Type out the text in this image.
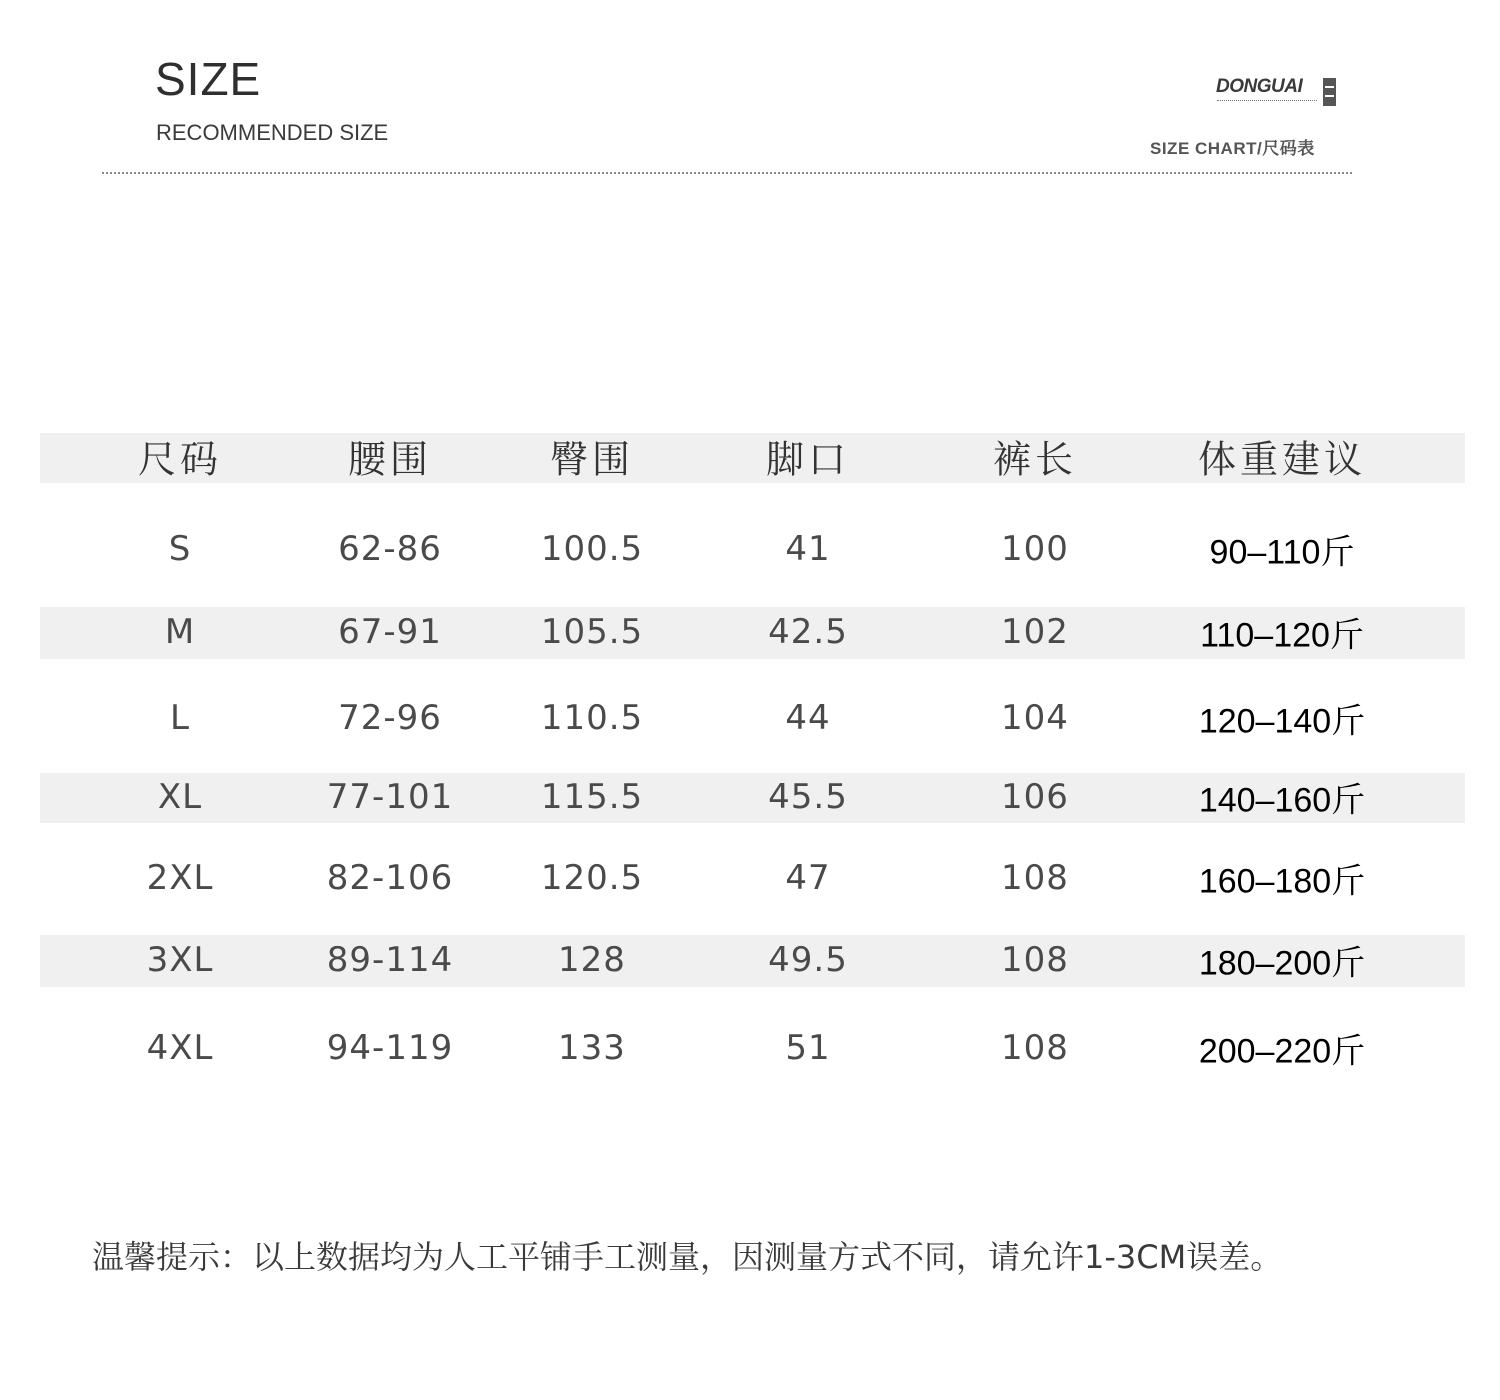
SIZE
RECOMMENDED SIZE
DONGUAI
SIZE CHART/尺码表
尺码	腰围	臀围	脚口	裤长	体重建议
S	62-86	100.5	41	100	90–110斤
M	67-91	105.5	42.5	102	110–120斤
L	72-96	110.5	44	104	120–140斤
XL	77-101	115.5	45.5	106	140–160斤
2XL	82-106	120.5	47	108	160–180斤
3XL	89-114	128	49.5	108	180–200斤
4XL	94-119	133	51	108	200–220斤
温馨提示：以上数据均为人工平铺手工测量，因测量方式不同，请允许1-3CM误差。
